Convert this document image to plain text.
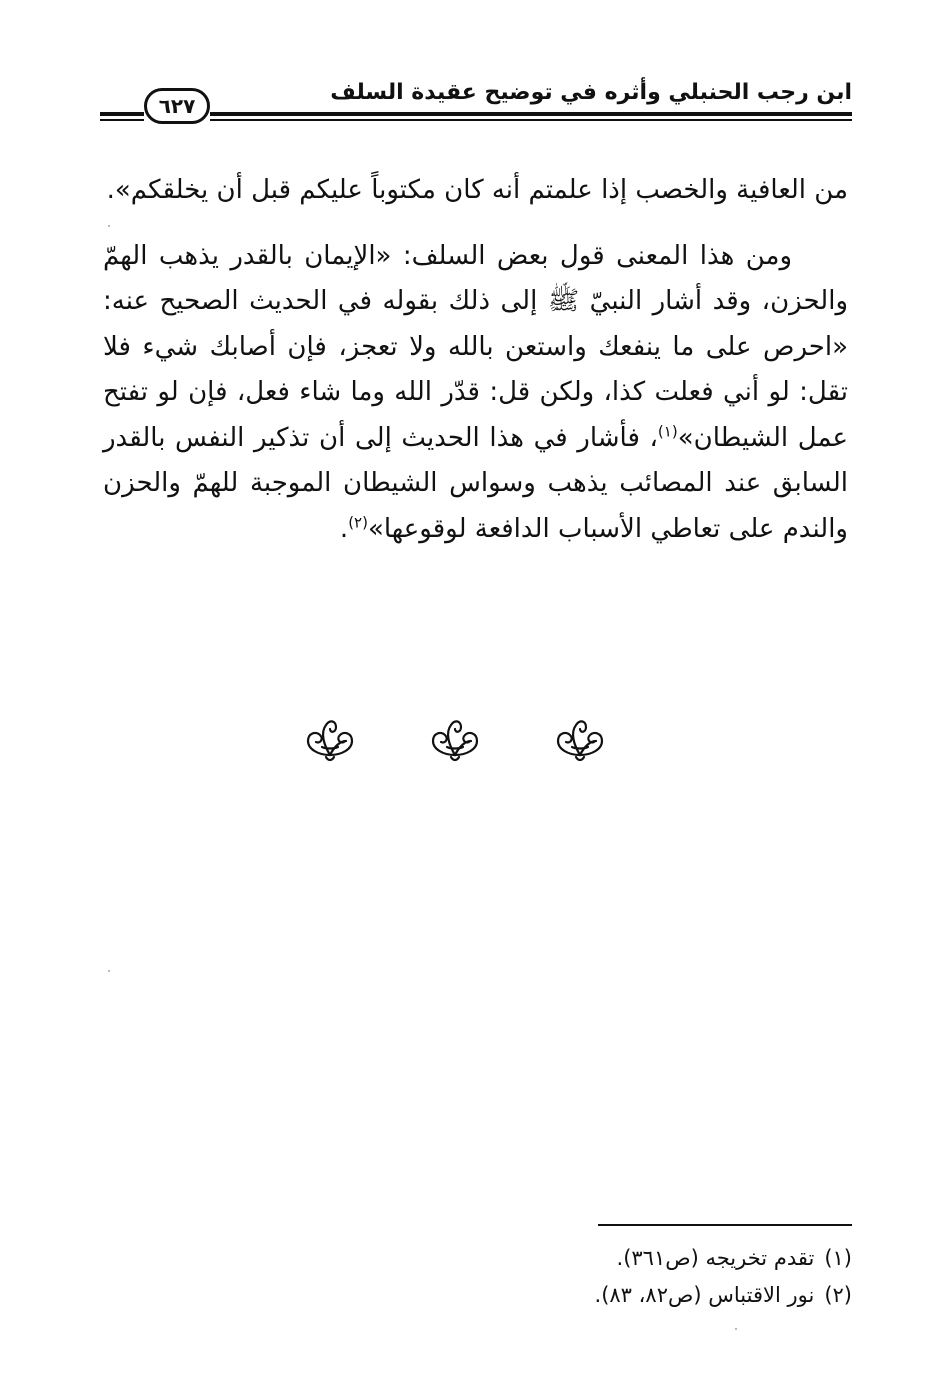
ابن رجب الحنبلي وأثره في توضيح عقيدة السلف
٦٢٧

من العافية والخصب إذا علمتم أنه كان مكتوباً عليكم قبل أن يخلقكم».

ومن هذا المعنى قول بعض السلف: «الإيمان بالقدر يذهب الهمّ والحزن، وقد أشار النبيّ ﷺ إلى ذلك بقوله في الحديث الصحيح عنه: «احرص على ما ينفعك واستعن بالله ولا تعجز، فإن أصابك شيء فلا تقل: لو أني فعلت كذا، ولكن قل: قدّر الله وما شاء فعل، فإن لو تفتح عمل الشيطان»$^{(١)}$، فأشار في هذا الحديث إلى أن تذكير النفس بالقدر السابق عند المصائب يذهب وسواس الشيطان الموجبة للهمّ والحزن والندم على تعاطي الأسباب الدافعة لوقوعها»$^{(٢)}$.

(١)تقدم تخريجه (ص٣٦١).
(٢)نور الاقتباس (ص٨٢، ٨٣).
